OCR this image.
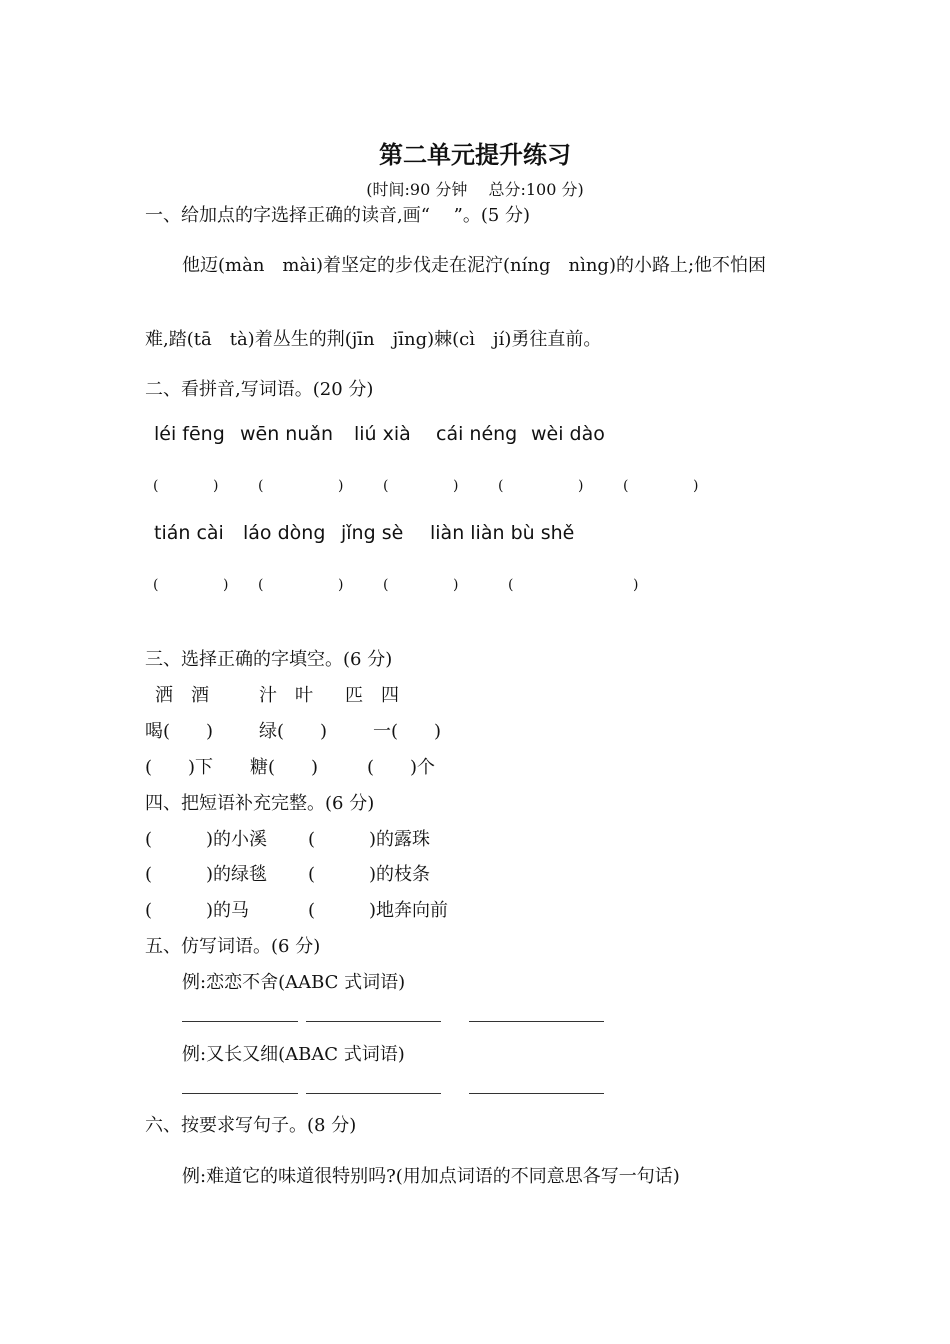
第二单元提升练习
(时间:90 分钟　 总分:100 分)
一、给加点的字选择正确的读音,画“　 ”。(5 分)
他迈(màn　mài)着坚定的步伐走在泥泞(níng　nìng)的小路上;他不怕困
难,踏(tā　tà)着丛生的荆(jīn　jīng)棘(cì　jí)勇往直前。
二、看拼音,写词语。(20 分)
léi fēng wēn nuǎn liú xià cái néng wèi dào
(	)	(	)	(	)	(	)	(	)
tián cài láo dòng jǐng sè liàn liàn bù shě
(	) (	)	(	)	(	)
三、选择正确的字填空。(6 分)
洒　酒	汁　叶 匹　四
喝(　　)	绿(　　)	一(　　)
(　　)下 糖(　　)	(　　)个
四、把短语补充完整。(6 分)
(　　　)的小溪 (　　　)的露珠
(　　　)的绿毯 (　　　)的枝条
(　　　)的马	(　　　)地奔向前
五、仿写词语。(6 分)
例:恋恋不舍(AABC 式词语)
例:又长又细(ABAC 式词语)
六、按要求写句子。(8 分)
例:难道它的味道很特别吗?(用加点词语的不同意思各写一句话)
